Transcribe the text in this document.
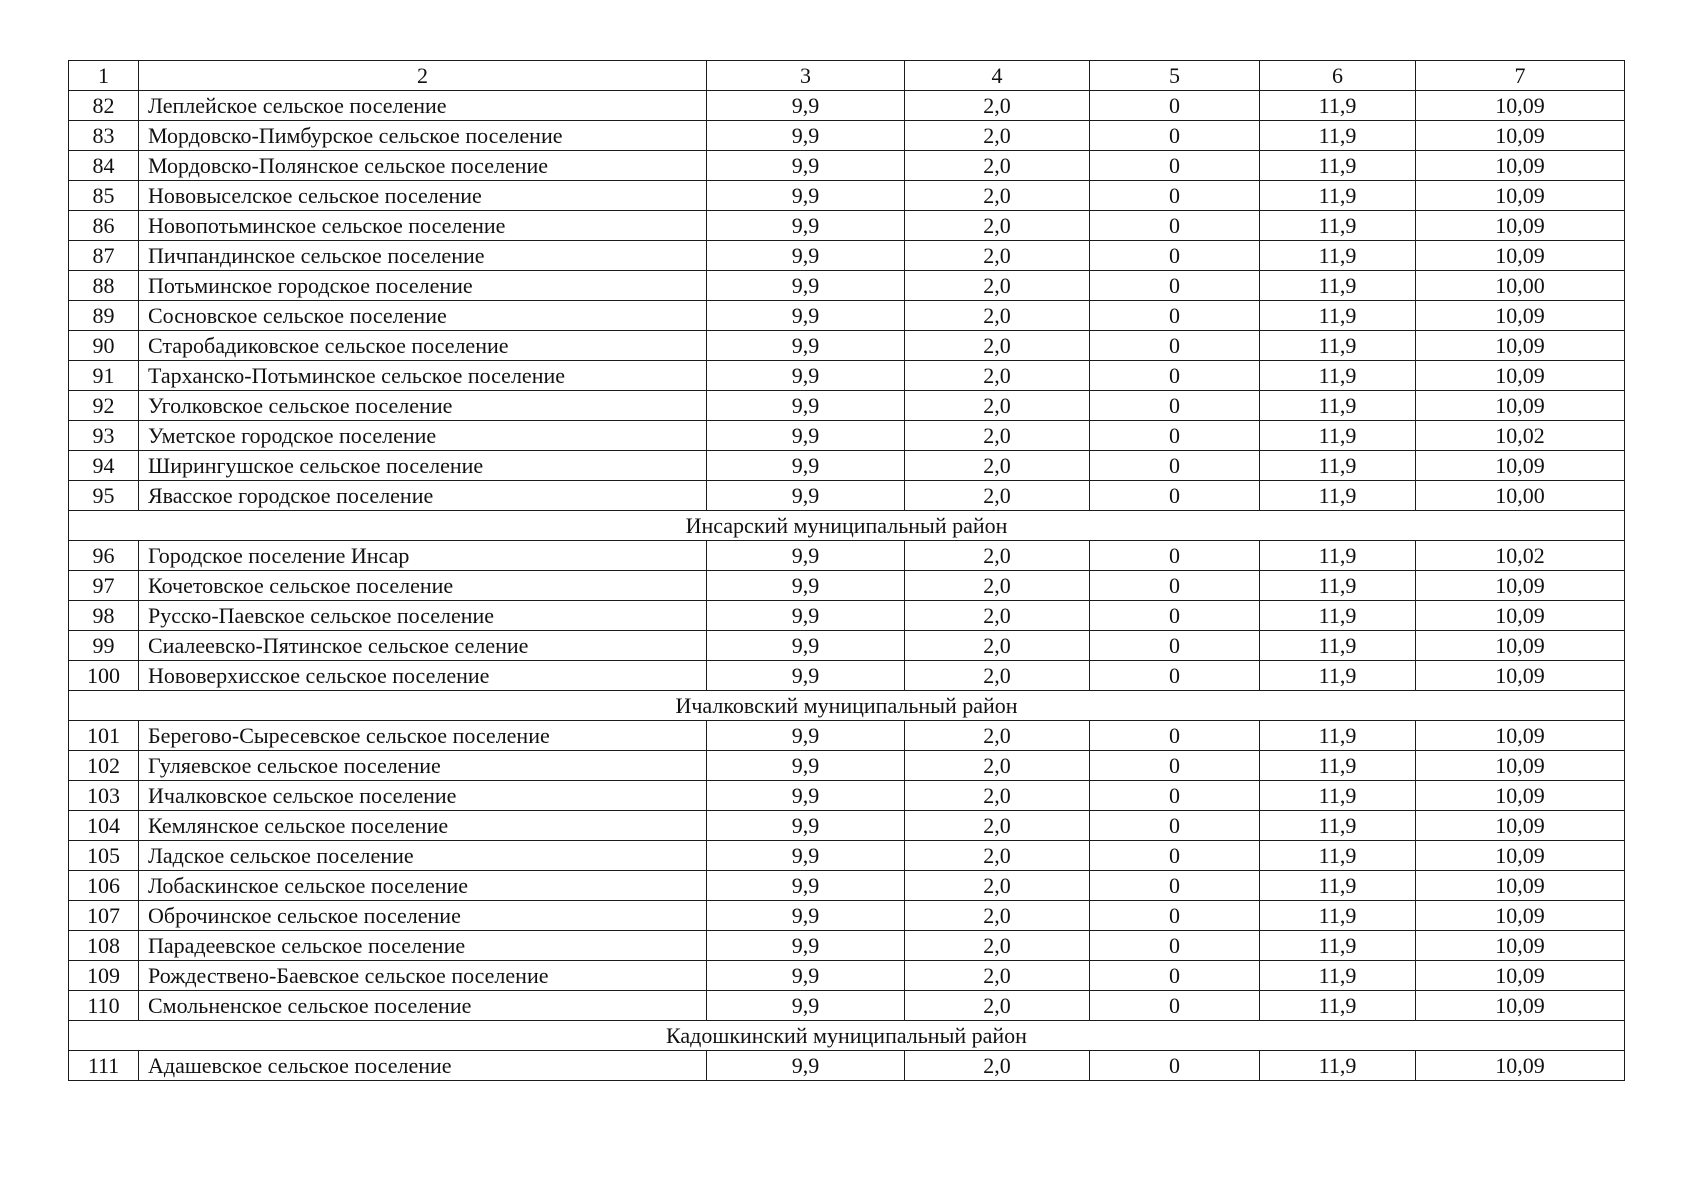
1	2	3	4	5	6	7
82	Леплейское сельское поселение	9,9	2,0	0	11,9	10,09
83	Мордовско-Пимбурское сельское поселение	9,9	2,0	0	11,9	10,09
84	Мордовско-Полянское сельское поселение	9,9	2,0	0	11,9	10,09
85	Нововыселское сельское поселение	9,9	2,0	0	11,9	10,09
86	Новопотьминское сельское поселение	9,9	2,0	0	11,9	10,09
87	Пичпандинское сельское поселение	9,9	2,0	0	11,9	10,09
88	Потьминское городское поселение	9,9	2,0	0	11,9	10,00
89	Сосновское сельское поселение	9,9	2,0	0	11,9	10,09
90	Старобадиковское сельское поселение	9,9	2,0	0	11,9	10,09
91	Тарханско-Потьминское сельское поселение	9,9	2,0	0	11,9	10,09
92	Уголковское сельское поселение	9,9	2,0	0	11,9	10,09
93	Уметское городское поселение	9,9	2,0	0	11,9	10,02
94	Ширингушское сельское поселение	9,9	2,0	0	11,9	10,09
95	Явасское городское поселение	9,9	2,0	0	11,9	10,00
Инсарский муниципальный район						
96	Городское поселение Инсар	9,9	2,0	0	11,9	10,02
97	Кочетовское сельское поселение	9,9	2,0	0	11,9	10,09
98	Русско-Паевское сельское поселение	9,9	2,0	0	11,9	10,09
99	Сиалеевско-Пятинское сельское селение	9,9	2,0	0	11,9	10,09
100	Нововерхисское сельское поселение	9,9	2,0	0	11,9	10,09
Ичалковский муниципальный район						
101	Берегово-Сыресевское сельское поселение	9,9	2,0	0	11,9	10,09
102	Гуляевское сельское поселение	9,9	2,0	0	11,9	10,09
103	Ичалковское сельское поселение	9,9	2,0	0	11,9	10,09
104	Кемлянское сельское поселение	9,9	2,0	0	11,9	10,09
105	Ладское сельское поселение	9,9	2,0	0	11,9	10,09
106	Лобаскинское сельское поселение	9,9	2,0	0	11,9	10,09
107	Оброчинское сельское поселение	9,9	2,0	0	11,9	10,09
108	Парадеевское сельское поселение	9,9	2,0	0	11,9	10,09
109	Рождествено-Баевское сельское поселение	9,9	2,0	0	11,9	10,09
110	Смольненское сельское поселение	9,9	2,0	0	11,9	10,09
Кадошкинский муниципальный район						
111	Адашевское сельское поселение	9,9	2,0	0	11,9	10,09
